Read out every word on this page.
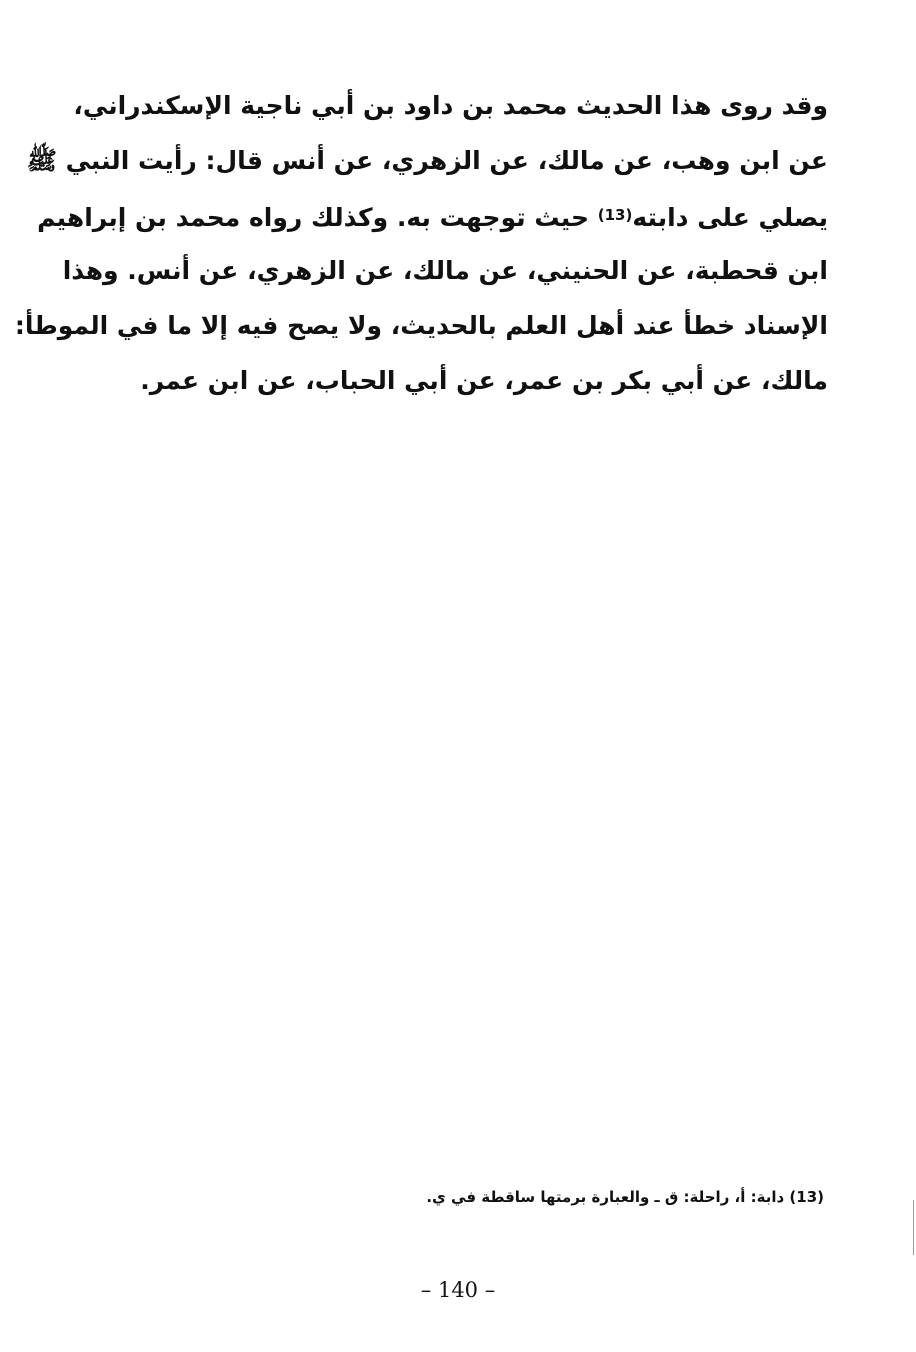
وقد روى هذا الحديث محمد بن داود بن أبي ناجية الإسكندراني،
عن ابن وهب، عن مالك، عن الزهري، عن أنس قال: رأيت النبي ﷺ
يصلي على دابته$^{(13)}$ حيث توجهت به. وكذلك رواه محمد بن إبراهيم
ابن قحطبة، عن الحنيني، عن مالك، عن الزهري، عن أنس. وهذا
الإسناد خطأ عند أهل العلم بالحديث، ولا يصح فيه إلا ما في الموطأ:
مالك، عن أبي بكر بن عمر، عن أبي الحباب، عن ابن عمر.
(13) دابة: أ، راحلة: ق ـ والعبارة برمتها ساقطة في ي.
– 140 –
